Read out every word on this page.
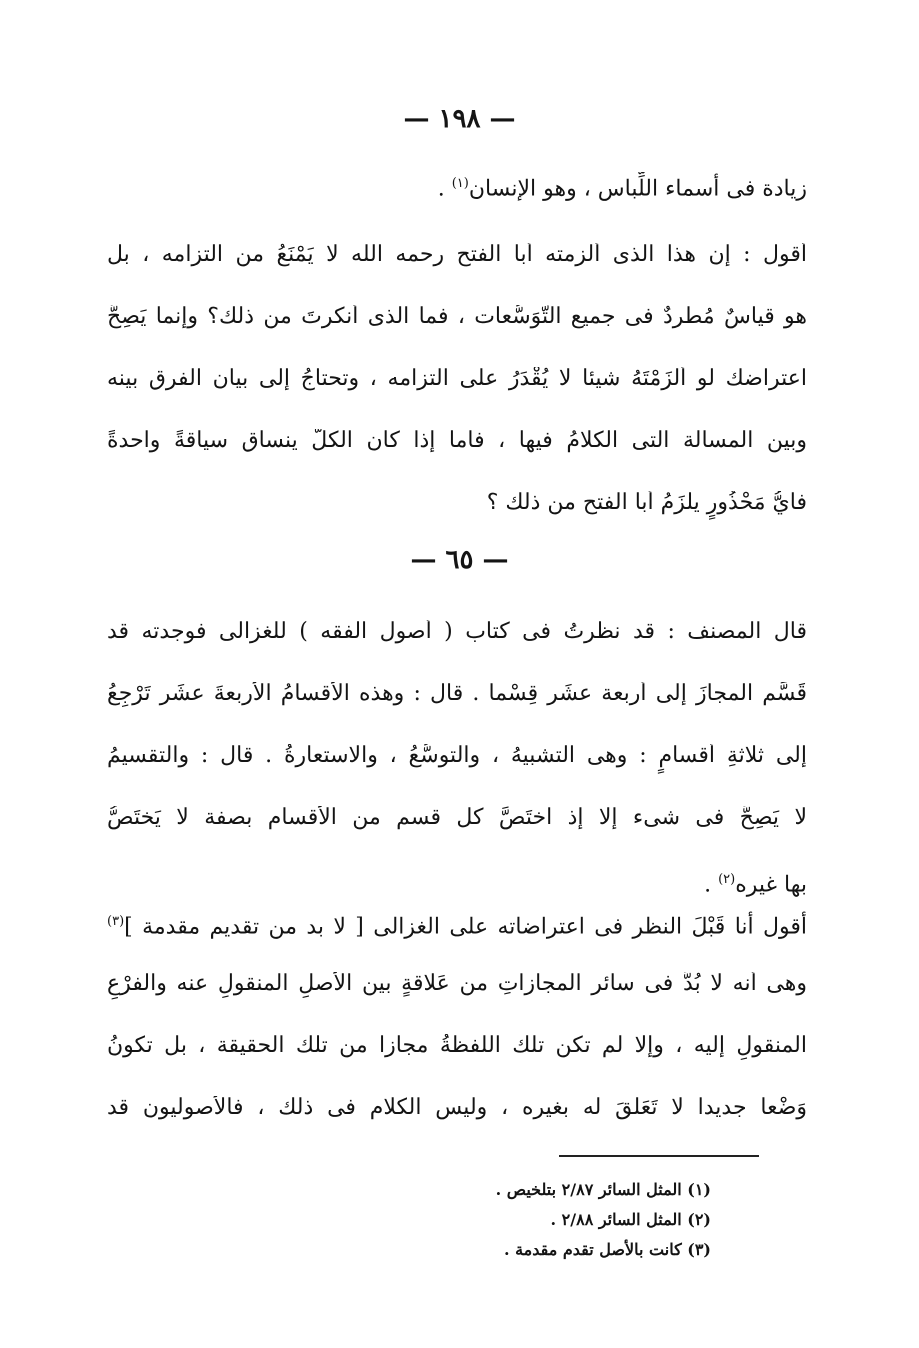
— ١٩٨ —
زيادة فى أسماء اللِّباس ، وهو الإنسان$^{(١)}$ .
أقول : إن هذا الذى ألزمته أبا الفتح رحمه الله لا يَمْنَعُ من التزامه ، بل
هو قياسٌ مُطَّردٌ فى جميع التَّوَسُّعات ، فما الذى أنكرتَ من ذلك؟ وإنما يَصِحُّ
اعتراضك لو ألزَمْتَهُ شيئاً لا يُقْدَرُ على التزامه ، وتحتاجُ إلى بيان الفرق بينه
وبين المسألة التى الكلامُ فيها ، فأما إذا كان الكلُّ ينساق سياقةً واحدةً
فأيُّ مَحْذُورٍ يلزَمُ أبا الفتح من ذلك ؟
— ٦٥ —
قال المصنف : قد نظرتُ فى كتاب ( أصول الفقه ) للغزالى فوجدته قد
قَسَّم المجازَ إلى أربعة عشَر قِسْماً . قال : وهذه الأقسامُ الأربعةَ عشَر تَرْجِعُ
إلى ثلاثةِ أقسامٍ : وهى التشبيهُ ، والتوسُّعُ ، والاستعارةُ . قال : والتقسيمُ
لا يَصِحُّ فى شىء إلا إذ اختَصَّ كل قسم من الأقسام بصفة لا يَختَصُّ
بها غيره$^{(٢)}$ .
أقول أنا قَبْلَ النظر فى اعتراضاته على الغزالى [ لا بد من تقديم مقدمة ]$^{(٣)}$
وهى أنه لا بُدَّ فى سائر المجازاتِ من عَلاقةٍ بين الأصلِ المنقولِ عنه والفرْعِ
المنقولِ إليه ، وإلا لم تكن تلك اللَّفظةُ مجازاً من تلك الحقيقة ، بل تكونُ
وَضْعاً جديداً لا تَعَلُّقَ له بغيره ، وليس الكلام فى ذلك ، فالأصوليون قد
(١) المثل السائر ٢/٨٧ بتلخيص .
(٢) المثل السائر ٢/٨٨ .
(٣) كانت بالأصل تقدم مقدمة .
